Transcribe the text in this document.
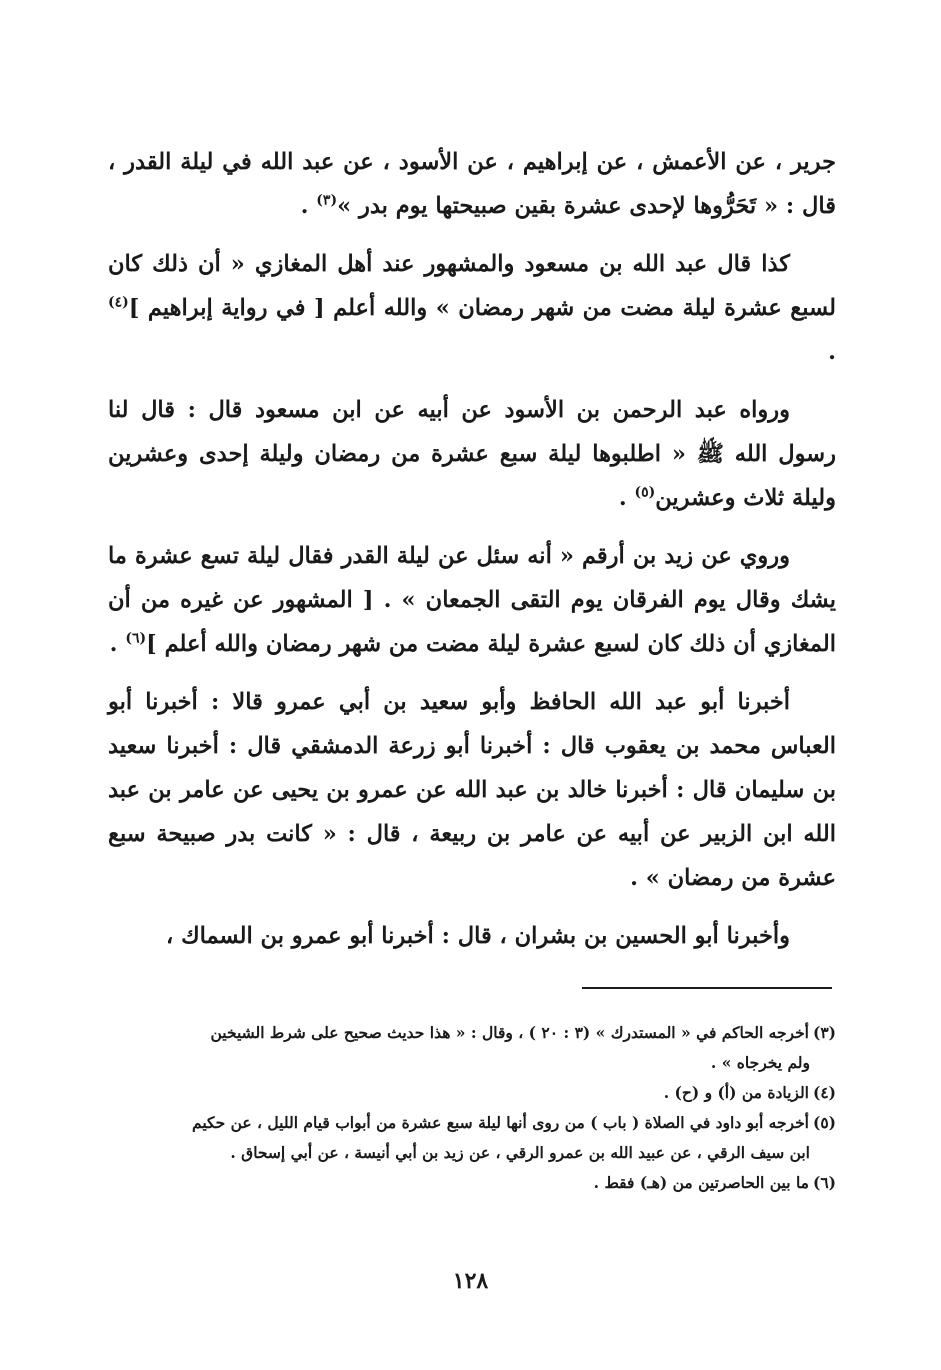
جرير ، عن الأعمش ، عن إبراهيم ، عن الأسود ، عن عبد الله في ليلة القدر ، قال : « تَحَرُّوها لإحدى عشرة بقين صبيحتها يوم بدر »$^{(٣)}$ .

كذا قال عبد الله بن مسعود والمشهور عند أهل المغازي « أن ذلك كان لسبع عشرة ليلة مضت من شهر رمضان » والله أعلم [ في رواية إبراهيم ]$^{(٤)}$ .

ورواه عبد الرحمن بن الأسود عن أبيه عن ابن مسعود قال : قال لنا رسول الله ﷺ « اطلبوها ليلة سبع عشرة من رمضان وليلة إحدى وعشرين وليلة ثلاث وعشرين$^{(٥)}$ .

وروي عن زيد بن أرقم « أنه سئل عن ليلة القدر فقال ليلة تسع عشرة ما يشك وقال يوم الفرقان يوم التقى الجمعان » . [ المشهور عن غيره من أن المغازي أن ذلك كان لسبع عشرة ليلة مضت من شهر رمضان والله أعلم ]$^{(٦)}$ .

أخبرنا أبو عبد الله الحافظ وأبو سعيد بن أبي عمرو قالا : أخبرنا أبو العباس محمد بن يعقوب قال : أخبرنا أبو زرعة الدمشقي قال : أخبرنا سعيد بن سليمان قال : أخبرنا خالد بن عبد الله عن عمرو بن يحيى عن عامر بن عبد الله ابن الزبير عن أبيه عن عامر بن ربيعة ، قال : « كانت بدر صبيحة سبع عشرة من رمضان » .

وأخبرنا أبو الحسين بن بشران ، قال : أخبرنا أبو عمرو بن السماك ،

(٣)أخرجه الحاكم في « المستدرك » (٣ : ٢٠ ) ، وقال : « هذا حديث صحيح على شرط الشيخين
ولم يخرجاه » .

(٤)الزيادة من (أ) و (ح) .

(٥)أخرجه أبو داود في الصلاة ( باب ) من روى أنها ليلة سبع عشرة من أبواب قيام الليل ، عن حكيم
ابن سيف الرقي ، عن عبيد الله بن عمرو الرقي ، عن زيد بن أبي أنيسة ، عن أبي إسحاق .

(٦)ما بين الحاصرتين من (هـ) فقط .

١٢٨
